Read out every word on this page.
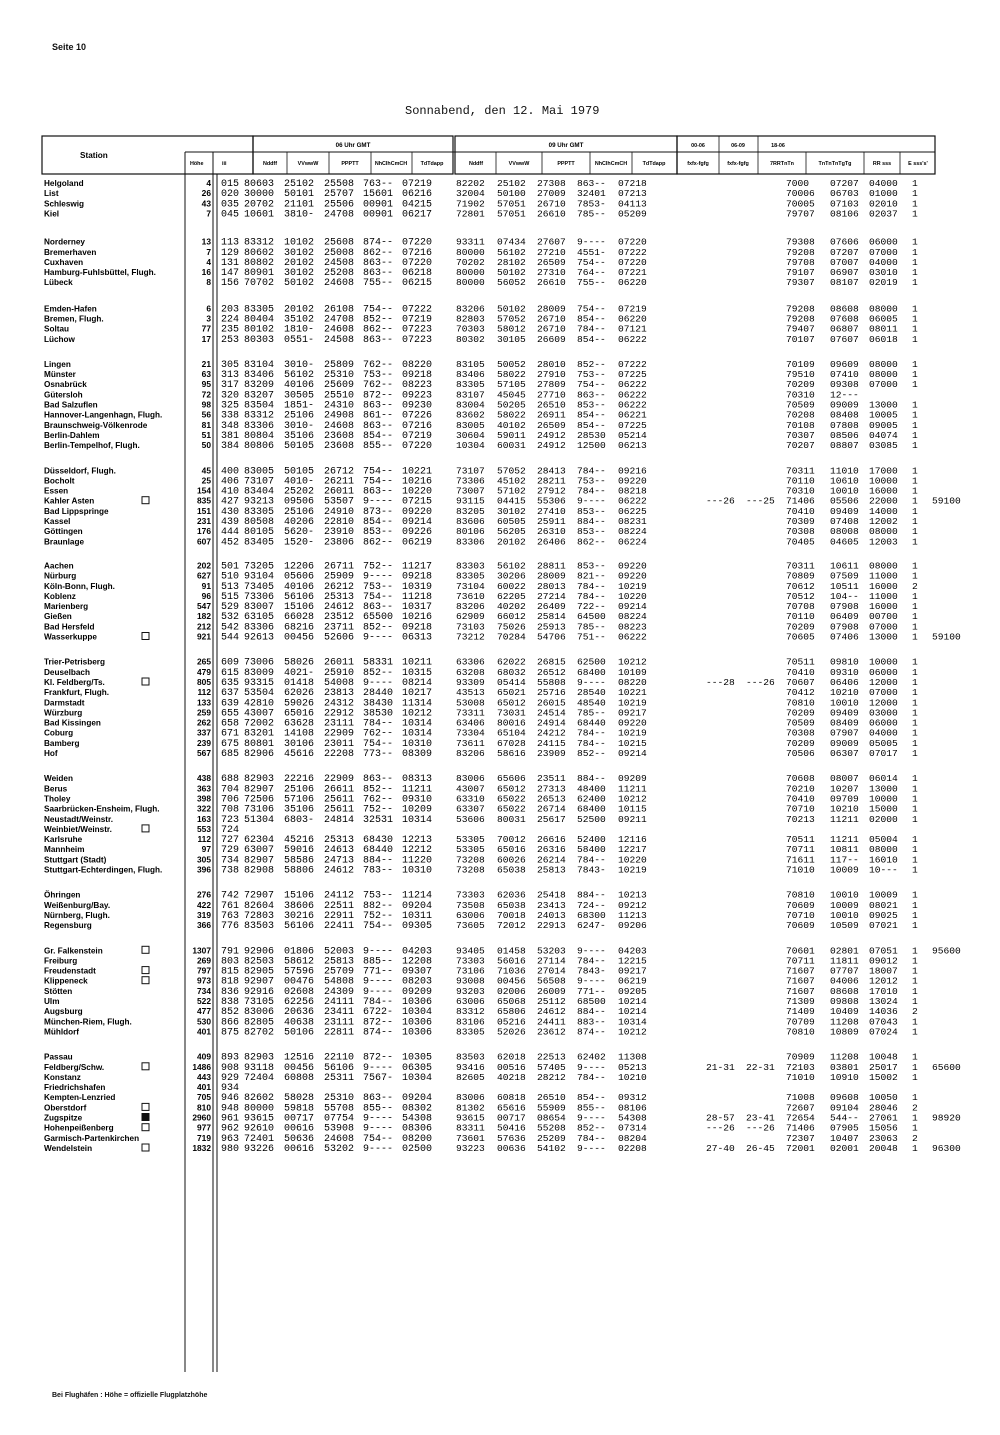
Seite 10
Sonnabend, den 12. Mai 1979
Station
Höhe	iii
06 Uhr GMT	09 Uhr GMT	00-06	06-09	18-06
Nddff	VVwwW	PPPTT	NhClhCmCH TdTdapp	Nddff	VVwwW	PPPTT	NhClhCmCH	TdTdapp	fxfx-fgfg	fxfx-fgfg	7RRTnTn	TnTnTnTgTg	RR sss	E sss's'
Helgoland	4 015 80603 25102 25508 763-- 07219 82202 25102 27308 863-- 07218	7000 07207 04000 1
List	26 020 30000 50101 25707 15601 06216 32004 50100 27009 32401 07213	70006 06703 01000 1
Schleswig	43 035 20702 21101 25506 00901 04215 71902 57051 26710 7853- 04113	70005 07103 02010 1
Kiel	7 045 10601 3810- 24708 00901 06217 72801 57051 26610 785-- 05209	79707 08106 02037 1
Norderney	13 113 83312 10102 25608 874-- 07220 93311 07434 27607 9---- 07220	79308 07606 06000 1
Bremerhaven	7 129 80602 30102 25008 862-- 07216 80000 56102 27210 4551- 07222	79208 07207 07000 1
Cuxhaven	4 131 80802 20102 24508 863-- 07220 70202 28102 26509 754-- 07220	79708 07007 04000 1
Hamburg-Fuhlsbüttel, Flugh.	16 147 80901 30102 25208 863-- 06218 80000 50102 27310 764-- 07221	79107 06907 03010 1
Lübeck	8 156 70702 50102 24608 755-- 06215 80000 56052 26610 755-- 06220	79307 08107 02019 1
Emden-Hafen	6 203 83305 20102 26108 754-- 07222 83206 50102 28009 754-- 07219	79208 08608 08000 1
Bremen, Flugh.	3 224 80404 35102 24708 852-- 07219 82803 57052 26710 854-- 06220	79208 07608 06005 1
Soltau	77 235 80102 1810- 24608 862-- 07223 70303 58012 26710 784-- 07121	79407 06807 08011 1
Lüchow	17 253 80303 0551- 24508 863-- 07223 80302 30105 26609 854-- 06222	70107 07607 06018 1
Lingen	21 305 83104 3010- 25809 762-- 08220 83105 50052 28010 852-- 07222	70109 09609 08000 1
Münster	63 313 83406 56102 25310 753-- 09218 83406 58022 27910 753-- 07225	79510 07410 08000 1
Osnabrück	95 317 83209 40106 25609 762-- 08223 83305 57105 27809 754-- 06222	70209 09308 07000 1
Gütersloh	72 320 83207 30505 25510 872-- 09223 83107 45045 27710 863-- 06222	70310 12---
Bad Salzuflen	98 325 83504 1851- 24310 863-- 09230 83004 50205 26510 853-- 06222	70509 09009 13000 1
Hannover-Langenhagn, Flugh.	56 338 83312 25106 24908 861-- 07226 83602 58022 26911 854-- 06221	70208 08408 10005 1
Braunschweig-Völkenrode	81 348 83306 3010- 24608 863-- 07216 83005 40102 26509 854-- 07225	70108 07808 09005 1
Berlin-Dahlem	51 381 80804 35106 23608 854-- 07219 30604 59011 24912 28530 05214	70307 08506 04074 1
Berlin-Tempelhof, Flugh.	50 384 80806 50105 23608 855-- 07220 10304 60031 24912 12500 06213	70207 08807 03085 1
Düsseldorf, Flugh.	45 400 83005 50105 26712 754-- 10221 73107 57052 28413 784-- 09216	70311 11010 17000 1
Bocholt	25 406 73107 4010- 26211 754-- 10216 73306 45102 28211 753-- 09220	70110 10610 10000 1
Essen	154 410 83404 25202 26011 863-- 10220 73007 57102 27912 784-- 08218	70310 10010 16000 1
Kahler Asten	835 427 93213 09506 53507 9---- 07215 93115 04415 55306 9---- 06222	---26 ---25 71406 05506 22000 1 59100
Bad Lippspringe	151 430 83305 25106 24910 873-- 09220 83205 30102 27410 853-- 06225	70410 09409 14000 1
Kassel	231 439 80508 40206 22810 854-- 09214 83606 60505 25911 884-- 08231	70309 07408 12002 1
Göttingen	176 444 80105 5620- 23910 853-- 09226 80106 56205 26310 853-- 08224	70308 08008 08000 1
Braunlage	607 452 83405 1520- 23806 862-- 06219 83306 20102 26406 862-- 06224	70405 04605 12003 1
Aachen	202 501 73205 12206 26711 752-- 11217 83303 56102 28811 853-- 09220	70311 10611 08000 1
Nürburg	627 510 93104 05606 25909 9---- 09218 83305 30206 28009 821-- 09220	70809 07509 11000 1
Köln-Bonn, Flugh.	91 513 73405 40106 26212 753-- 10319 73104 60022 28013 784-- 10219	70612 10511 16000 2
Koblenz	96 515 73306 56106 25313 754-- 11218 73610 62205 27214 784-- 10220	70512 104-- 11000 1
Marienberg	547 529 83007 15106 24612 863-- 10317 83206 40202 26409 722-- 09214	70708 07908 16000 1
Gießen	182 532 63105 66028 23512 65500 10216 62909 66012 25814 64500 08224	70110 06409 00700 1
Bad Hersfeld	212 542 83306 68216 23711 852-- 09218 73103 75026 25913 785-- 08223	70209 07908 07000 1
Wasserkuppe	921 544 92613 00456 52606 9---- 06313 73212 70284 54706 751-- 06222	70605 07406 13000 1 59100
Trier-Petrisberg	265 609 73006 58026 26011 58331 10211 63306 62022 26815 62500 10212	70511 09810 10000 1
Deuselbach	479 615 83009 4021- 25910 852-- 10315 63208 68032 26512 68400 10109	70410 09310 06000 1
Kl. Feldberg/Ts.	805 635 93315 01418 54008 9---- 08214 93309 05414 55808 9---- 08220	---28 ---26 70607 06406 12000 1
Frankfurt, Flugh.	112 637 53504 62026 23813 28440 10217 43513 65021 25716 28540 10221	70412 10210 07000 1
Darmstadt	133 639 42810 59026 24312 38430 11314 53008 65012 26015 48540 10219	70810 10010 12000 1
Würzburg	259 655 43007 65016 22912 38530 10212 73311 73031 24514 785-- 09217	70209 09409 03000 1
Bad Kissingen	262 658 72002 63628 23111 784-- 10314 63406 80016 24914 68440 09220	70509 08409 06000 1
Coburg	337 671 83201 14108 22909 762-- 10314 73304 65104 24212 784-- 10219	70308 07907 04000 1
Bamberg	239 675 80801 30106 23011 754-- 10310 73611 67028 24115 784-- 10215	70209 09009 05005 1
Hof	567 685 82906 45616 22208 773-- 08309 83206 58616 23909 852-- 09214	70506 06307 07017 1
Weiden	438 688 82903 22216 22909 863-- 08313 83006 65606 23511 884-- 09209	70608 08007 06014 1
Berus	363 704 82907 25106 26611 852-- 11211 43007 65012 27313 48400 11211	70210 10207 13000 1
Tholey	398 706 72506 57106 25611 762-- 09310 63310 65022 26513 62400 10212	70410 09709 10000 1
Saarbrücken-Ensheim, Flugh.	322 708 73106 35106 25611 752-- 10209 63307 65022 26714 68400 10115	70710 10210 15000 1
Neustadt/Weinstr.	163 723 51304 6803- 24814 32531 10314 53606 80031 25617 52500 09211	70213 11211 02000 1
Weinbiet/Weinstr.	553 724
Karlsruhe	112 727 62304 45216 25313 68430 12213 53305 70012 26616 52400 12116	70511 11211 05004 1
Mannheim	97 729 63007 59016 24613 68440 12212 53305 65016 26316 58400 12217	70711 10811 08000 1
Stuttgart (Stadt)	305 734 82907 58586 24713 884-- 11220 73208 60026 26214 784-- 10220	71611 117-- 16010 1
Stuttgart-Echterdingen, Flugh.	396 738 82908 58806 24612 783-- 10310 73208 65038 25813 7843- 10219	71010 10009 10--- 1
Öhringen	276 742 72907 15106 24112 753-- 11214 73303 62036 25418 884-- 10213	70810 10010 10009 1
Weißenburg/Bay.	422 761 82604 38606 22511 882-- 09204 73508 65038 23413 724-- 09212	70609 10009 08021 1
Nürnberg, Flugh.	319 763 72803 30216 22911 752-- 10311 63006 70018 24013 68300 11213	70710 10010 09025 1
Regensburg	366 776 83503 56106 22411 754-- 09305 73605 72012 22913 6247- 09206	70609 10509 07021 1
Gr. Falkenstein	1307 791 92906 01806 52003 9---- 04203 93405 01458 53203 9---- 04203	70601 02801 07051 1 95600
Freiburg	269 803 82503 58612 25813 885-- 12208 73303 56016 27114 784-- 12215	70711 11811 09012 1
Freudenstadt	797 815 82905 57596 25709 771-- 09307 73106 71036 27014 7843- 09217	71607 07707 18007 1
Klippeneck	973 818 92907 00476 54808 9---- 08203 93008 00456 56508 9---- 06219	71607 04006 12012 1
Stötten	734 836 92916 02608 24309 9---- 09209 93203 02006 26009 771-- 09205	71607 08608 17010 1
Ulm	522 838 73105 62256 24111 784-- 10306 63006 65068 25112 68500 10214	71309 09808 13024 1
Augsburg	477 852 83006 20636 23411 6722- 10304 83312 65806 24612 884-- 10214	71409 10409 14036 2
München-Riem, Flugh.	530 866 82805 40638 23111 872-- 10306 83106 05216 24411 883-- 10314	70709 11208 07043 1
Mühldorf	401 875 82702 50106 22811 874-- 10306 83305 52026 23612 874-- 10212	70810 10809 07024 1
Passau	409 893 82903 12516 22110 872-- 10305 83503 62018 22513 62402 11308	70909 11208 10048 1
Feldberg/Schw.	1486 908 93118 00456 56106 9---- 06305 93416 00516 57405 9---- 05213	21-31 22-31 72103 03801 25017 1 65600
Konstanz	443 929 72404 60808 25311 7567- 10304 82605 40218 28212 784-- 10210	71010 10910 15002 1
Friedrichshafen	401 934
Kempten-Lenzried	705 946 82602 58028 25310 863-- 09204 83006 60818 26510 854-- 09312	71008 09608 10050 1
Oberstdorf	810 948 80000 59818 55708 855-- 08302 81302 65616 55909 855-- 08106	72607 09104 28046 2
Zugspitze	2960 961 93615 00717 07754 9---- 54308 93615 00717 08654 9---- 54308	28-57 23-41 72654 544-- 27061 1 98920
Hohenpeißenberg	977 962 92610 00616 53908 9---- 08306 83311 50416 55208 852-- 07314	---26 ---26 71406 07905 15056 1
Garmisch-Partenkirchen	719 963 72401 50636 24608 754-- 08200 73601 57636 25209 784-- 08204	72307 10407 23063 2
Wendelstein	1832 980 93226 00616 53202 9---- 02500 93223 00636 54102 9---- 02208	27-40 26-45 72001 02001 20048 1 96300
Bei Flughäfen : Höhe = offizielle Flugplatzhöhe
